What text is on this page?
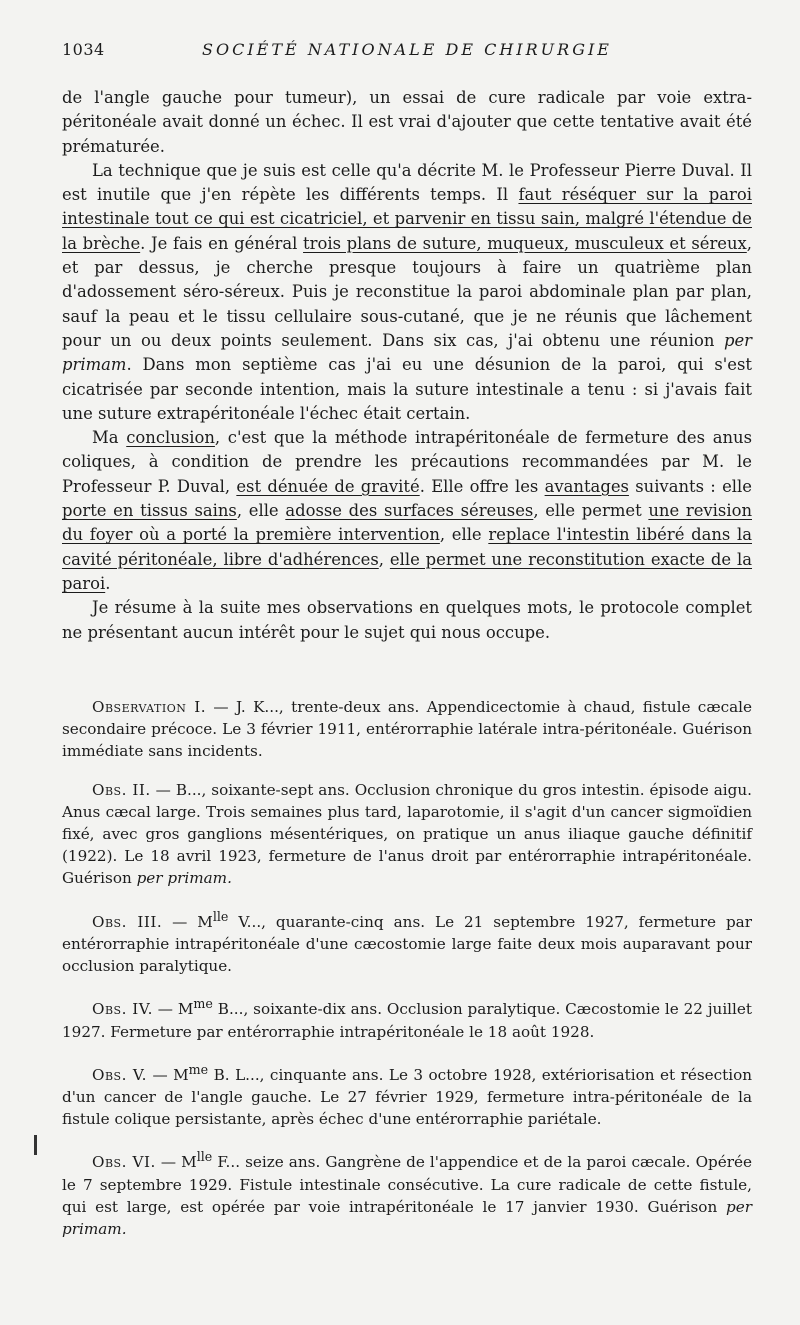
1034	SOCIÉTÉ NATIONALE DE CHIRURGIE

de l'angle gauche pour tumeur), un essai de cure radicale par voie extra-péritonéale avait donné un échec. Il est vrai d'ajouter que cette tentative avait été prématurée.

La technique que je suis est celle qu'a décrite M. le Professeur Pierre Duval. Il est inutile que j'en répète les différents temps. Il faut réséquer sur la paroi intestinale tout ce qui est cicatriciel, et parvenir en tissu sain, malgré l'étendue de la brèche. Je fais en général trois plans de suture, muqueux, musculeux et séreux, et par dessus, je cherche presque toujours à faire un quatrième plan d'adossement séro-séreux. Puis je reconstitue la paroi abdominale plan par plan, sauf la peau et le tissu cellulaire sous-cutané, que je ne réunis que lâchement pour un ou deux points seulement. Dans six cas, j'ai obtenu une réunion per primam. Dans mon septième cas j'ai eu une désunion de la paroi, qui s'est cicatrisée par seconde intention, mais la suture intestinale a tenu : si j'avais fait une suture extrapéritonéale l'échec était certain.

Ma conclusion, c'est que la méthode intrapéritonéale de fermeture des anus coliques, à condition de prendre les précautions recommandées par M. le Professeur P. Duval, est dénuée de gravité. Elle offre les avantages suivants : elle porte en tissus sains, elle adosse des surfaces séreuses, elle permet une revision du foyer où a porté la première intervention, elle replace l'intestin libéré dans la cavité péritonéale, libre d'adhérences, elle permet une reconstitution exacte de la paroi.

Je résume à la suite mes observations en quelques mots, le protocole complet ne présentant aucun intérêt pour le sujet qui nous occupe.

Observation I. — J. K..., trente-deux ans. Appendicectomie à chaud, fistule cæcale secondaire précoce. Le 3 février 1911, entérorraphie latérale intra-péritonéale. Guérison immédiate sans incidents.

Obs. II. — B..., soixante-sept ans. Occlusion chronique du gros intestin. épisode aigu. Anus cæcal large. Trois semaines plus tard, laparotomie, il s'agit d'un cancer sigmoïdien fixé, avec gros ganglions mésentériques, on pratique un anus iliaque gauche définitif (1922). Le 18 avril 1923, fermeture de l'anus droit par entérorraphie intrapéritonéale. Guérison per primam.

Obs. III. — $M^{lle}$ V..., quarante-cinq ans. Le 21 septembre 1927, fermeture par entérorraphie intrapéritonéale d'une cæcostomie large faite deux mois auparavant pour occlusion paralytique.

Obs. IV. — $M^{me}$ B..., soixante-dix ans. Occlusion paralytique. Cæcostomie le 22 juillet 1927. Fermeture par entérorraphie intrapéritonéale le 18 août 1928.

Obs. V. — $M^{me}$ B. L..., cinquante ans. Le 3 octobre 1928, extériorisation et résection d'un cancer de l'angle gauche. Le 27 février 1929, fermeture intra-péritonéale de la fistule colique persistante, après échec d'une entérorraphie pariétale.

Obs. VI. — $M^{lle}$ F... seize ans. Gangrène de l'appendice et de la paroi cæcale. Opérée le 7 septembre 1929. Fistule intestinale consécutive. La cure radicale de cette fistule, qui est large, est opérée par voie intrapéritonéale le 17 janvier 1930. Guérison per primam.
